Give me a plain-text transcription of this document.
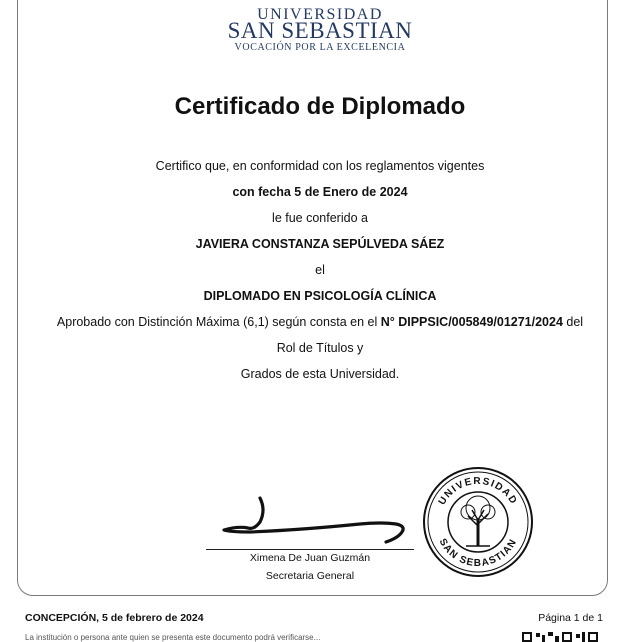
UNIVERSIDAD
SAN SEBASTIAN
VOCACIÓN POR LA EXCELENCIA
Certificado de Diplomado
Certifico que, en conformidad con los reglamentos vigentes
con fecha 5 de Enero de 2024
le fue conferido a
JAVIERA CONSTANZA SEPÚLVEDA SÁEZ
el
DIPLOMADO EN PSICOLOGÍA CLÍNICA
Aprobado con Distinción Máxima (6,1) según consta en el N° DIPPSIC/005849/01271/2024 del
Rol de Títulos y
Grados de esta Universidad.
Ximena De Juan Guzmán
Secretaria General
UNIVERSIDAD
SAN SEBASTIAN
CONCEPCIÓN, 5 de febrero de 2024	Página 1 de 1
La institución o persona ante quien se presenta este documento podrá verificarse...
